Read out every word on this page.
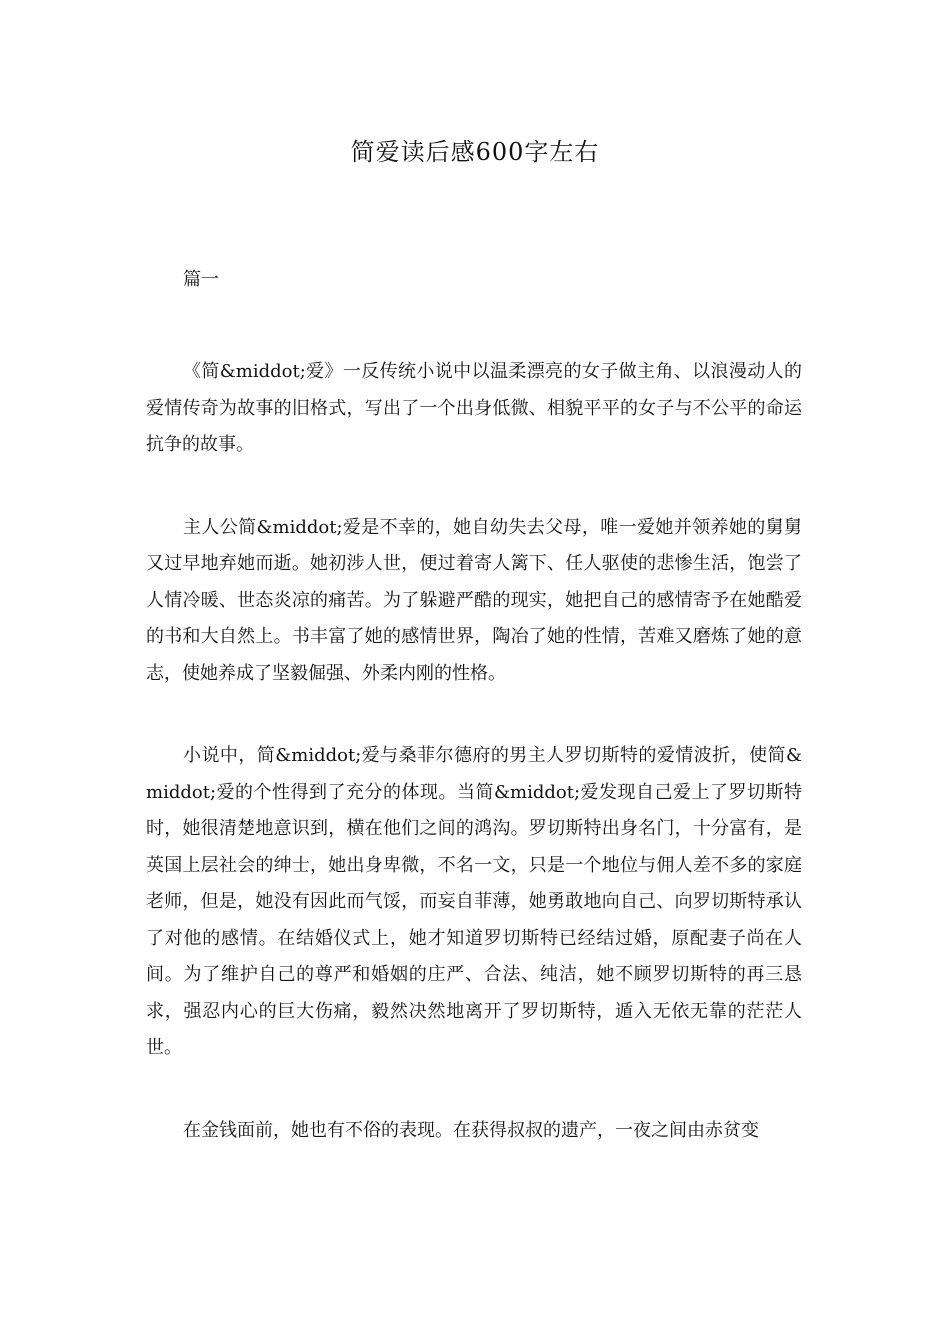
简爱读后感600字左右

篇一

《简&middot;爱》一反传统小说中以温柔漂亮的女子做主角、以浪漫动人的爱情传奇为故事的旧格式，写出了一个出身低微、相貌平平的女子与不公平的命运抗争的故事。

主人公简&middot;爱是不幸的，她自幼失去父母，唯一爱她并领养她的舅舅又过早地弃她而逝。她初涉人世，便过着寄人篱下、任人驱使的悲惨生活，饱尝了人情冷暖、世态炎凉的痛苦。为了躲避严酷的现实，她把自己的感情寄予在她酷爱的书和大自然上。书丰富了她的感情世界，陶冶了她的性情，苦难又磨炼了她的意志，使她养成了坚毅倔强、外柔内刚的性格。

小说中，简&middot;爱与桑菲尔德府的男主人罗切斯特的爱情波折，使简&middot;爱的个性得到了充分的体现。当简&middot;爱发现自己爱上了罗切斯特时，她很清楚地意识到，横在他们之间的鸿沟。罗切斯特出身名门，十分富有，是英国上层社会的绅士，她出身卑微，不名一文，只是一个地位与佣人差不多的家庭老师，但是，她没有因此而气馁，而妄自菲薄，她勇敢地向自己、向罗切斯特承认了对他的感情。在结婚仪式上，她才知道罗切斯特已经结过婚，原配妻子尚在人间。为了维护自己的尊严和婚姻的庄严、合法、纯洁，她不顾罗切斯特的再三恳求，强忍内心的巨大伤痛，毅然决然地离开了罗切斯特，遁入无依无靠的茫茫人世。

在金钱面前，她也有不俗的表现。在获得叔叔的遗产，一夜之间由赤贫变
